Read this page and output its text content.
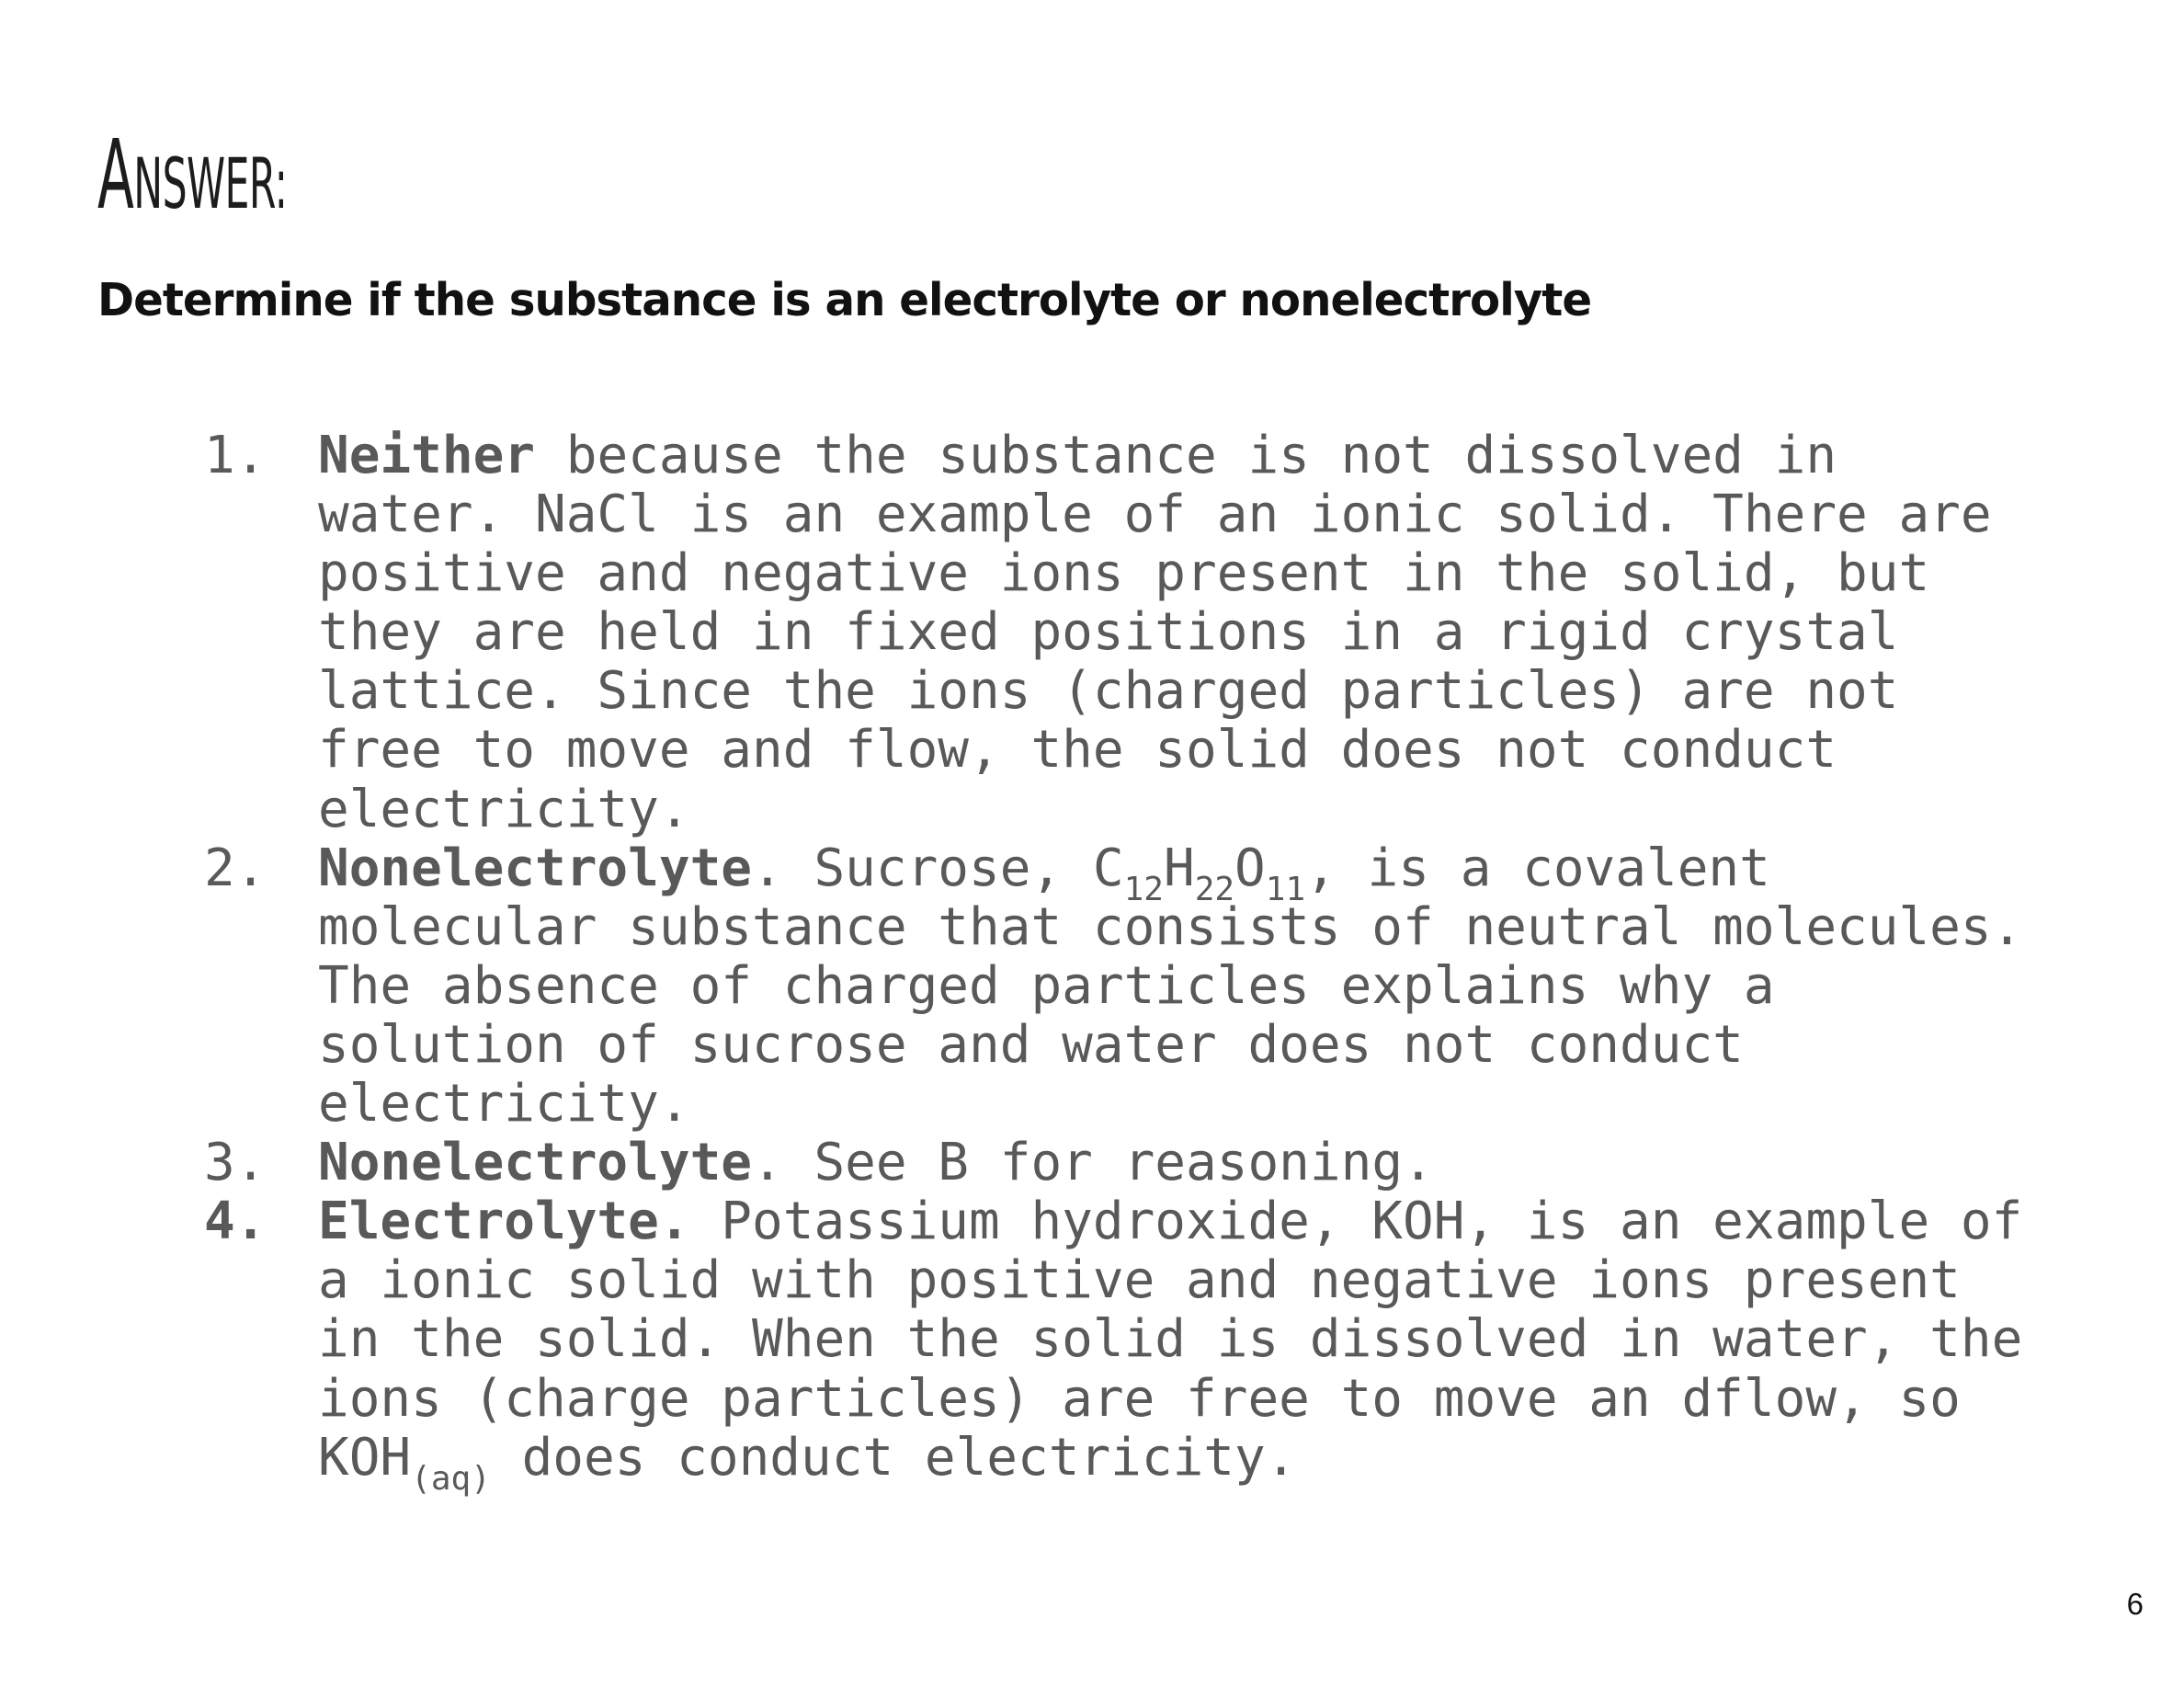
ANSWER:
Determine if the substance is an electrolyte or nonelectrolyte
1.	Neither because the substance is not dissolved in
water. NaCl is an example of an ionic solid. There are
positive and negative ions present in the solid, but
they are held in fixed positions in a rigid crystal
lattice. Since the ions (charged particles) are not
free to move and flow, the solid does not conduct
electricity.
2.	Nonelectrolyte. Sucrose, $C_{12}H_{22}O_{11}$, is a covalent
molecular substance that consists of neutral molecules.
The absence of charged particles explains why a
solution of sucrose and water does not conduct
electricity.
3.	Nonelectrolyte. See B for reasoning.
4.	Electrolyte. Potassium hydroxide, KOH, is an example of
a ionic solid with positive and negative ions present
in the solid. When the solid is dissolved in water, the
ions (charge particles) are free to move an dflow, so
$KOH_{(aq)}$ does conduct electricity.
6
